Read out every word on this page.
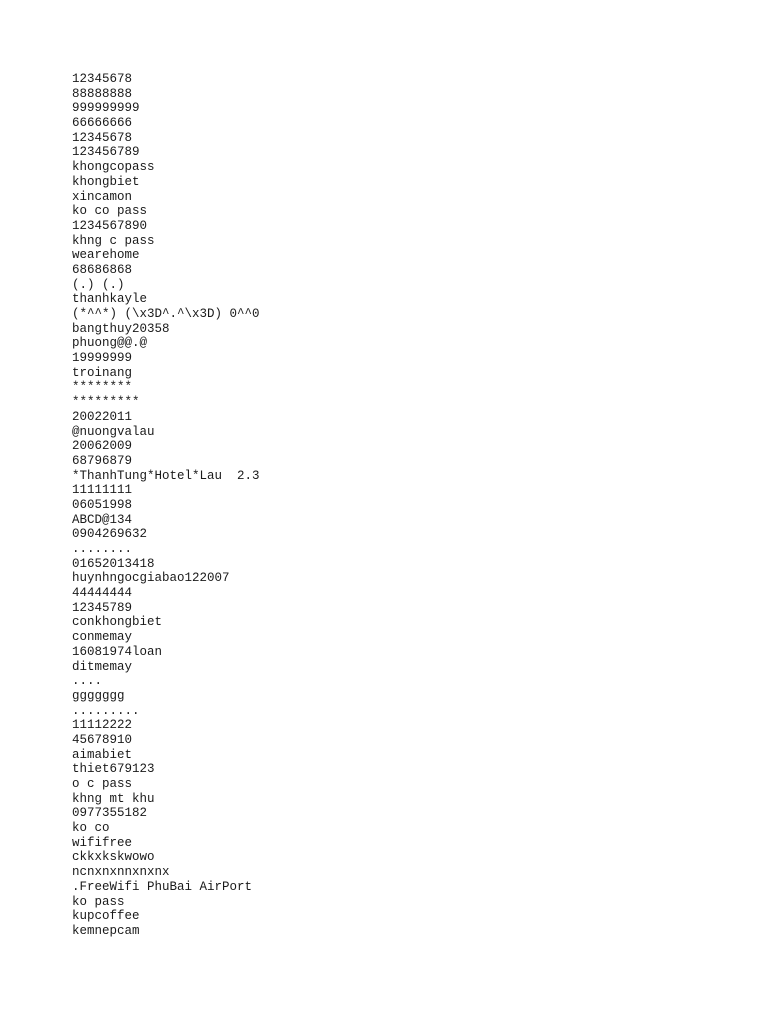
12345678
88888888
999999999
66666666
12345678
123456789
khongcopass
khongbiet
xincamon
ko co pass
1234567890
khng c pass
wearehome
68686868
(.) (.)
thanhkayle
(*^^*) (\x3D^.^\x3D) 0^^0
bangthuy20358
phuong@@.@
19999999
troinang
********
*********
20022011
@nuongvalau
20062009
68796879
*ThanhTung*Hotel*Lau  2.3
11111111
06051998
ABCD@134
0904269632
........
01652013418
huynhngocgiabao122007
44444444
12345789
conkhongbiet
conmemay
16081974loan
ditmemay
....
ggggggg
.........
11112222
45678910
aimabiet
thiet679123
o c pass
khng mt khu
0977355182
ko co
wififree
ckkxkskwowo
ncnxnxnnxnxnx
.FreeWifi PhuBai AirPort
ko pass
kupcoffee
kemnepcam
